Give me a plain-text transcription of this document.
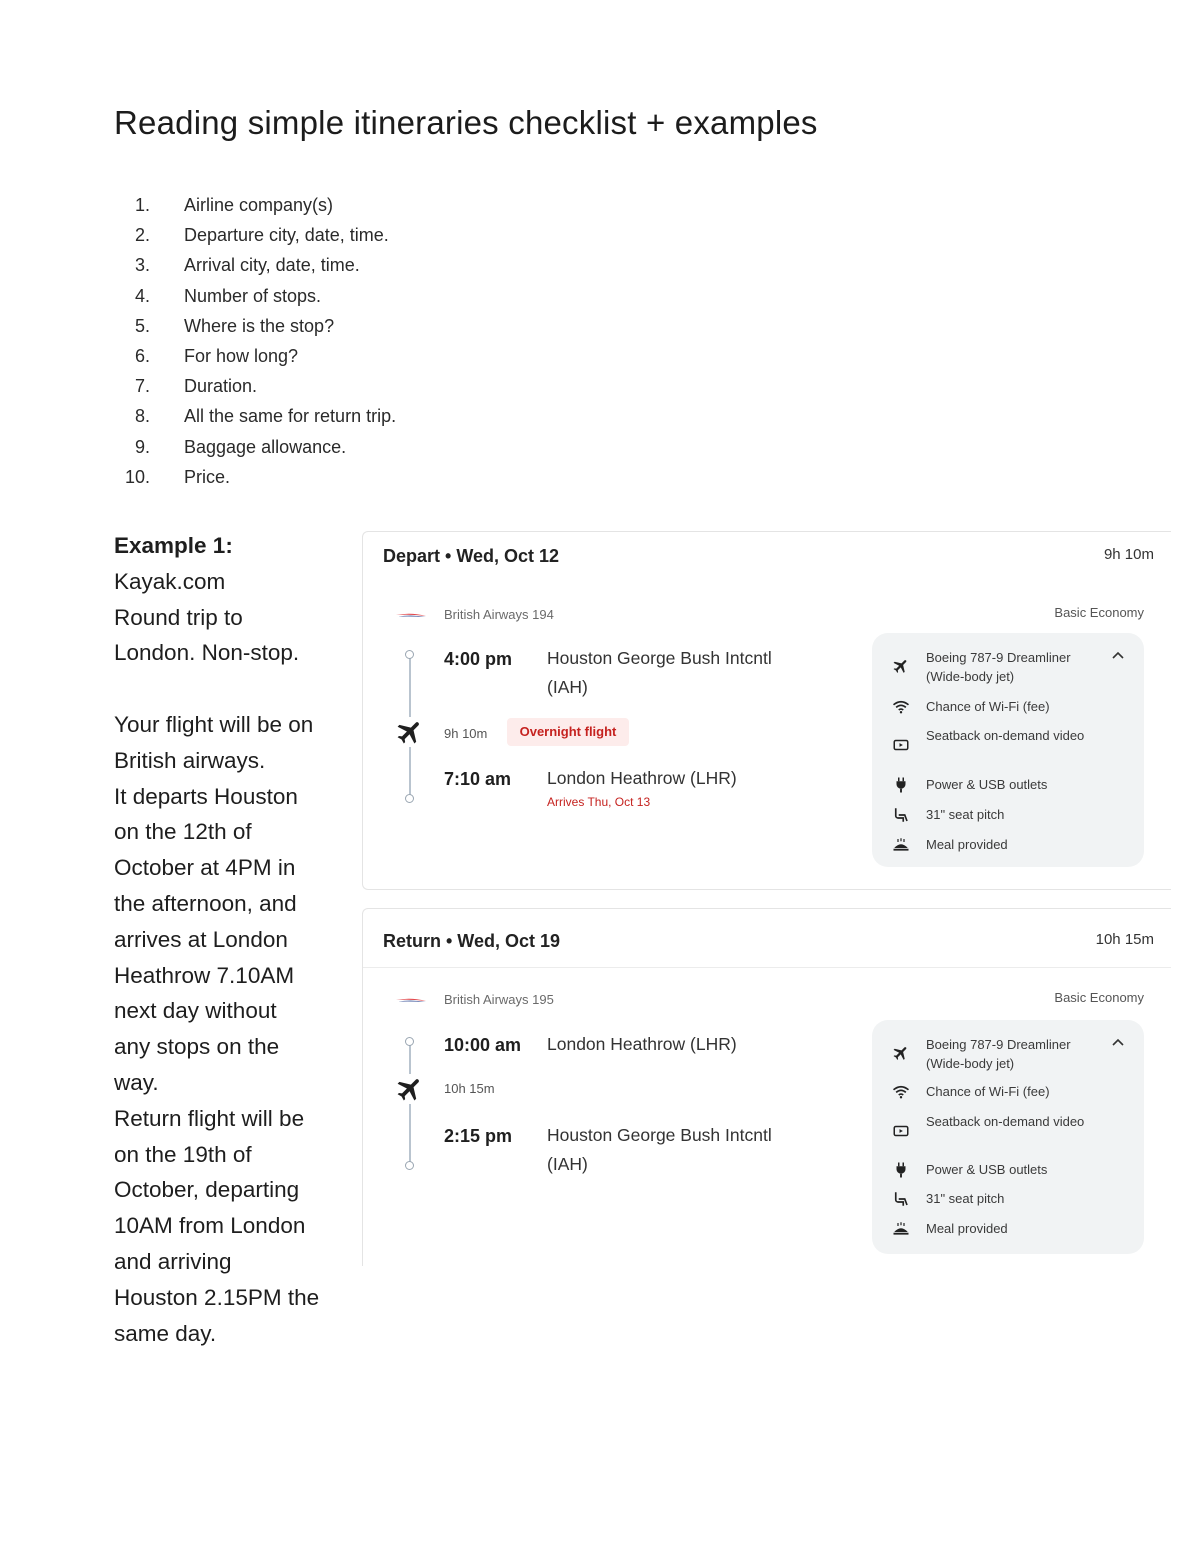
Reading simple itineraries checklist + examples
1. Airline company(s)
2. Departure city, date, time.
3. Arrival city, date, time.
4. Number of stops.
5. Where is the stop?
6. For how long?
7. Duration.
8. All the same for return trip.
9. Baggage allowance.
10. Price.

Example 1:

Kayak.com

Round trip to

London. Non-stop.

Your flight will be on

British airways.

It departs Houston

on the 12th of

October at 4PM in

the afternoon, and

arrives at London

Heathrow 7.10AM

next day without

any stops on the

way.

Return flight will be

on the 19th of

October, departing

10AM from London

and arriving

Houston 2.15PM the

same day.

Depart • Wed, Oct 12	9h 10m
British Airways 194	Basic Economy
4:00 pm Houston George Bush Intcntl (IAH)
9h 10m	Overnight flight
7:10 am London Heathrow (LHR)
Arrives Thu, Oct 13
Boeing 787-9 Dreamliner (Wide-body jet)
Chance of Wi-Fi (fee)
Seatback on-demand video
Power & USB outlets
31" seat pitch
Meal provided
Return • Wed, Oct 19	10h 15m
British Airways 195	Basic Economy
10:00 am London Heathrow (LHR)
10h 15m
2:15 pm Houston George Bush Intcntl (IAH)
Boeing 787-9 Dreamliner (Wide-body jet)
Chance of Wi-Fi (fee)
Seatback on-demand video
Power & USB outlets
31" seat pitch
Meal provided
